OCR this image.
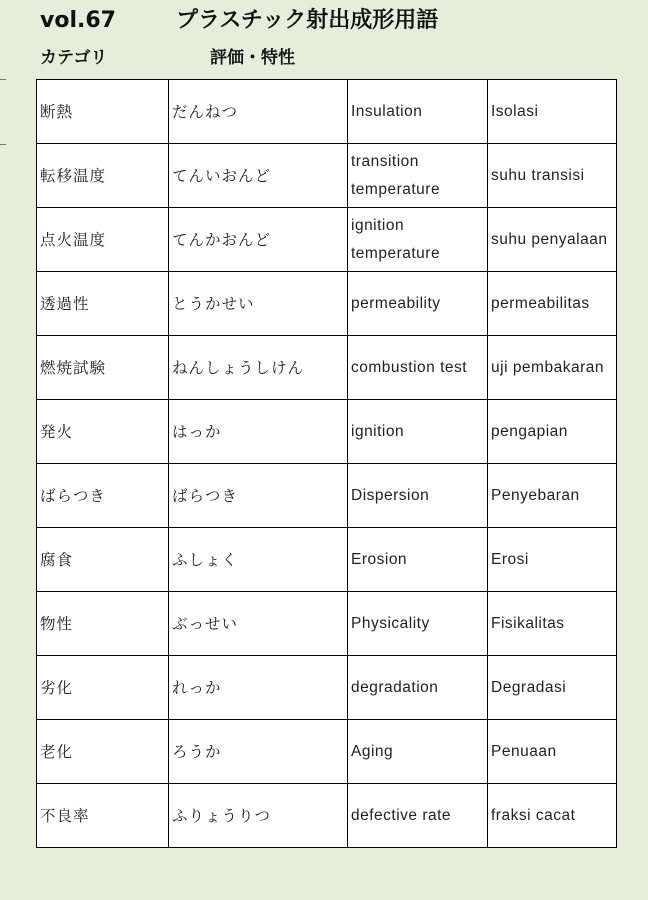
vol.67	プラスチック射出成形用語
カテゴリ	評価・特性
断熱	だんねつ	Insulation	Isolasi
転移温度	てんいおんど	transition temperature	suhu transisi
点火温度	てんかおんど	ignition temperature	suhu penyalaan
透過性	とうかせい	permeability	permeabilitas
燃焼試験	ねんしょうしけん	combustion test	uji pembakaran
発火	はっか	ignition	pengapian
ばらつき	ばらつき	Dispersion	Penyebaran
腐食	ふしょく	Erosion	Erosi
物性	ぶっせい	Physicality	Fisikalitas
劣化	れっか	degradation	Degradasi
老化	ろうか	Aging	Penuaan
不良率	ふりょうりつ	defective rate	fraksi cacat
